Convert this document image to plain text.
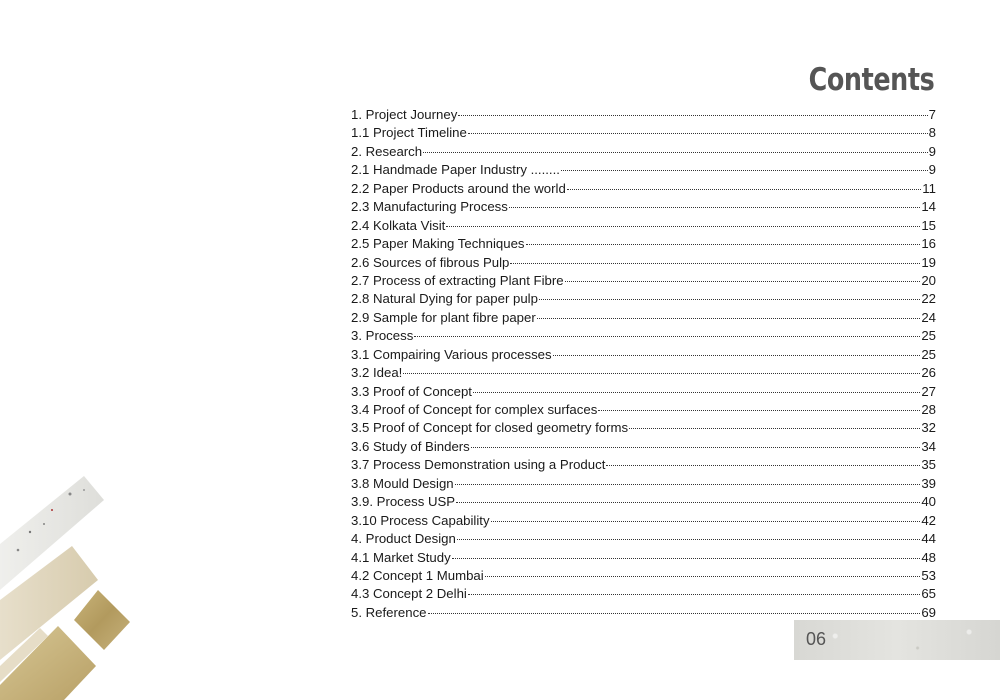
Contents
1. Project Journey	7
1.1 Project Timeline	8
2. Research	9
2.1 Handmade Paper Industry ........	9
2.2 Paper Products around the world	11
2.3 Manufacturing Process	14
2.4 Kolkata Visit	15
2.5 Paper Making Techniques	16
2.6 Sources of fibrous Pulp	19
2.7 Process of extracting Plant Fibre	20
2.8 Natural Dying for paper pulp	22
2.9 Sample for plant fibre paper	24
3. Process	25
3.1 Compairing Various processes	25
3.2 Idea!	26
3.3 Proof of Concept	27
3.4 Proof of Concept for complex surfaces	28
3.5 Proof of Concept for closed geometry forms	32
3.6 Study of Binders	34
3.7 Process Demonstration using a Product	35
3.8 Mould Design	39
3.9. Process USP	40
3.10 Process Capability	42
4. Product Design	44
4.1 Market Study	48
4.2 Concept 1 Mumbai	53
4.3 Concept 2 Delhi	65
5. Reference	69
06
